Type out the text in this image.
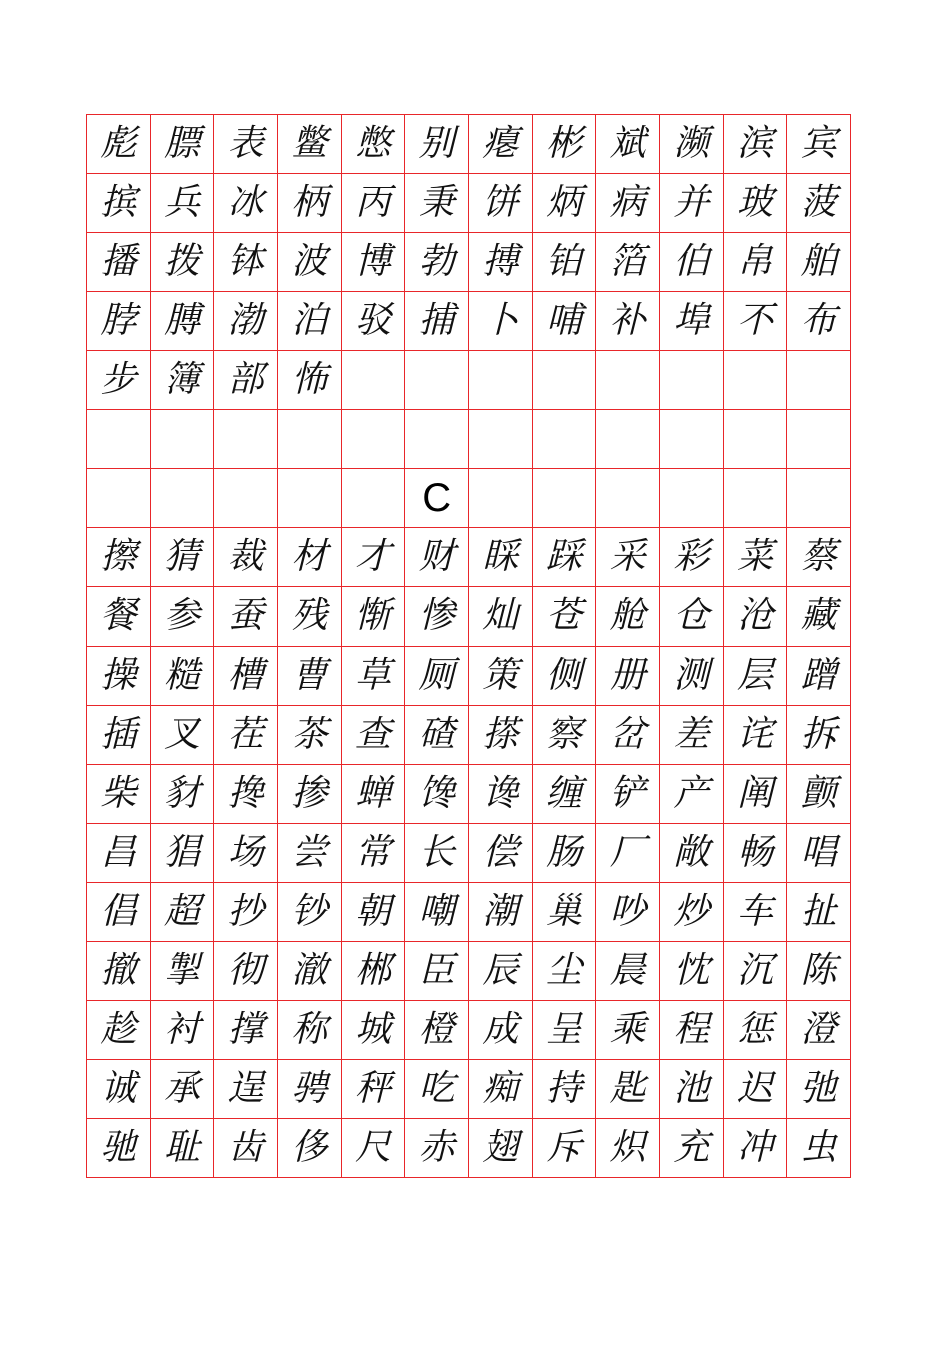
彪 膘 表 鳖 憋 别 瘪 彬 斌 濒 滨 宾
摈 兵 冰 柄 丙 秉 饼 炳 病 并 玻 菠
播 拨 钵 波 博 勃 搏 铂 箔 伯 帛 舶
脖 膊 渤 泊 驳 捕 卜 哺 补 埠 不 布
步 簿 部 怖
C
擦 猜 裁 材 才 财 睬 踩 采 彩 菜 蔡
餐 参 蚕 残 惭 惨 灿 苍 舱 仓 沧 藏
操 糙 槽 曹 草 厕 策 侧 册 测 层 蹭
插 叉 茬 茶 查 碴 搽 察 岔 差 诧 拆
柴 豺 搀 掺 蝉 馋 谗 缠 铲 产 阐 颤
昌 猖 场 尝 常 长 偿 肠 厂 敞 畅 唱
倡 超 抄 钞 朝 嘲 潮 巢 吵 炒 车 扯
撤 掣 彻 澈 郴 臣 辰 尘 晨 忱 沉 陈
趁 衬 撑 称 城 橙 成 呈 乘 程 惩 澄
诚 承 逞 骋 秤 吃 痴 持 匙 池 迟 弛
驰 耻 齿 侈 尺 赤 翅 斥 炽 充 冲 虫
